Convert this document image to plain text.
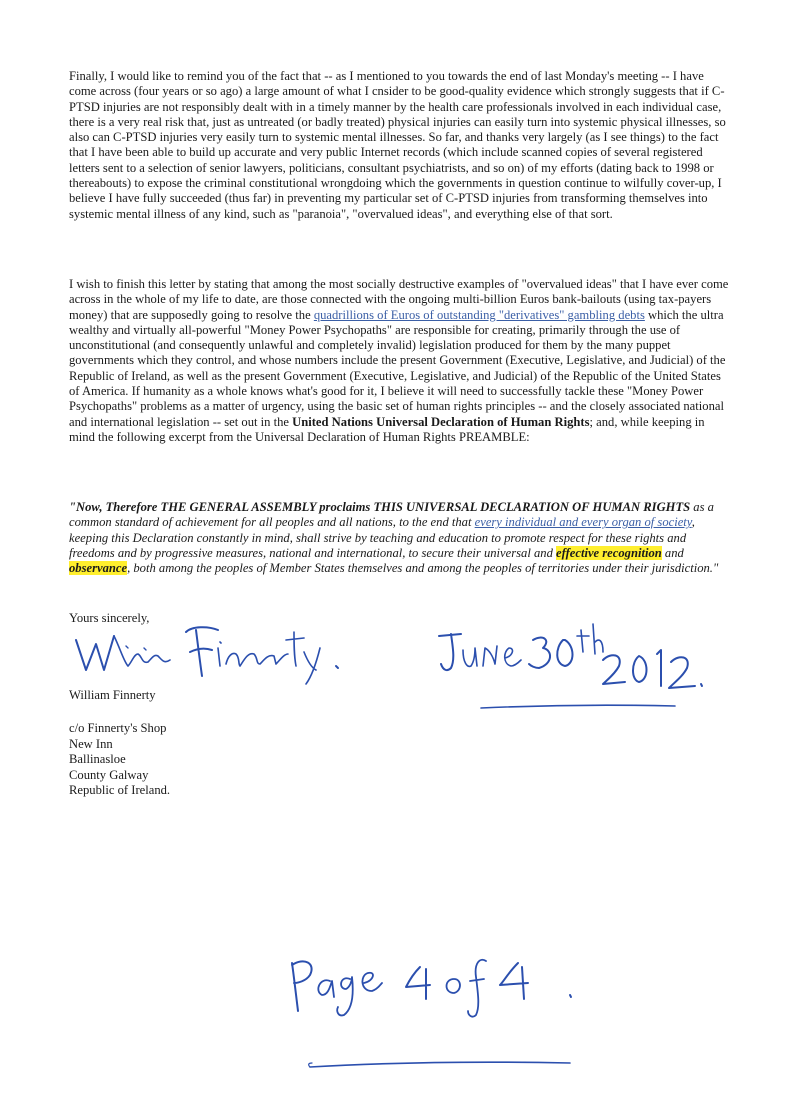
Finally, I would like to remind you of the fact that -- as I mentioned to you towards the end of last Monday's meeting -- I have come across (four years or so ago) a large amount of what I cnsider to be good-quality evidence which strongly suggests that if C-PTSD injuries are not responsibly dealt with in a timely manner by the health care professionals involved in each individual case, there is a very real risk that, just as untreated (or badly treated) physical injuries can easily turn into systemic physical illnesses, so also can C-PTSD injuries very easily turn to systemic mental illnesses. So far, and thanks very largely (as I see things) to the fact that I have been able to build up accurate and very public Internet records (which include scanned copies of several registered letters sent to a selection of senior lawyers, politicians, consultant psychiatrists, and so on) of my efforts (dating back to 1998 or thereabouts) to expose the criminal constitutional wrongdoing which the governments in question continue to wilfully cover-up, I believe I have fully succeeded (thus far) in preventing my particular set of C-PTSD injuries from transforming themselves into systemic mental illness of any kind, such as "paranoia", "overvalued ideas", and everything else of that sort.

I wish to finish this letter by stating that among the most socially destructive examples of "overvalued ideas" that I have ever come across in the whole of my life to date, are those connected with the ongoing multi-billion Euros bank-bailouts (using tax-payers money) that are supposedly going to resolve the quadrillions of Euros of outstanding "derivatives" gambling debts which the ultra wealthy and virtually all-powerful "Money Power Psychopaths" are responsible for creating, primarily through the use of unconstitutional (and consequently unlawful and completely invalid) legislation produced for them by the many puppet governments which they control, and whose numbers include the present Government (Executive, Legislative, and Judicial) of the Republic of Ireland, as well as the present Government (Executive, Legislative, and Judicial) of the Republic of the United States of America. If humanity as a whole knows what's good for it, I believe it will need to successfully tackle these "Money Power Psychopaths" problems as a matter of urgency, using the basic set of human rights principles -- and the closely associated national and international legislation -- set out in the United Nations Universal Declaration of Human Rights; and, while keeping in mind the following excerpt from the Universal Declaration of Human Rights PREAMBLE:

"Now, Therefore THE GENERAL ASSEMBLY proclaims THIS UNIVERSAL DECLARATION OF HUMAN RIGHTS as a common standard of achievement for all peoples and all nations, to the end that every individual and every organ of society, keeping this Declaration constantly in mind, shall strive by teaching and education to promote respect for these rights and freedoms and by progressive measures, national and international, to secure their universal and effective recognition and observance, both among the peoples of Member States themselves and among the peoples of territories under their jurisdiction."

Yours sincerely,

William Finnerty

c/o Finnerty's Shop
New Inn
Ballinasloe
County Galway
Republic of Ireland.
